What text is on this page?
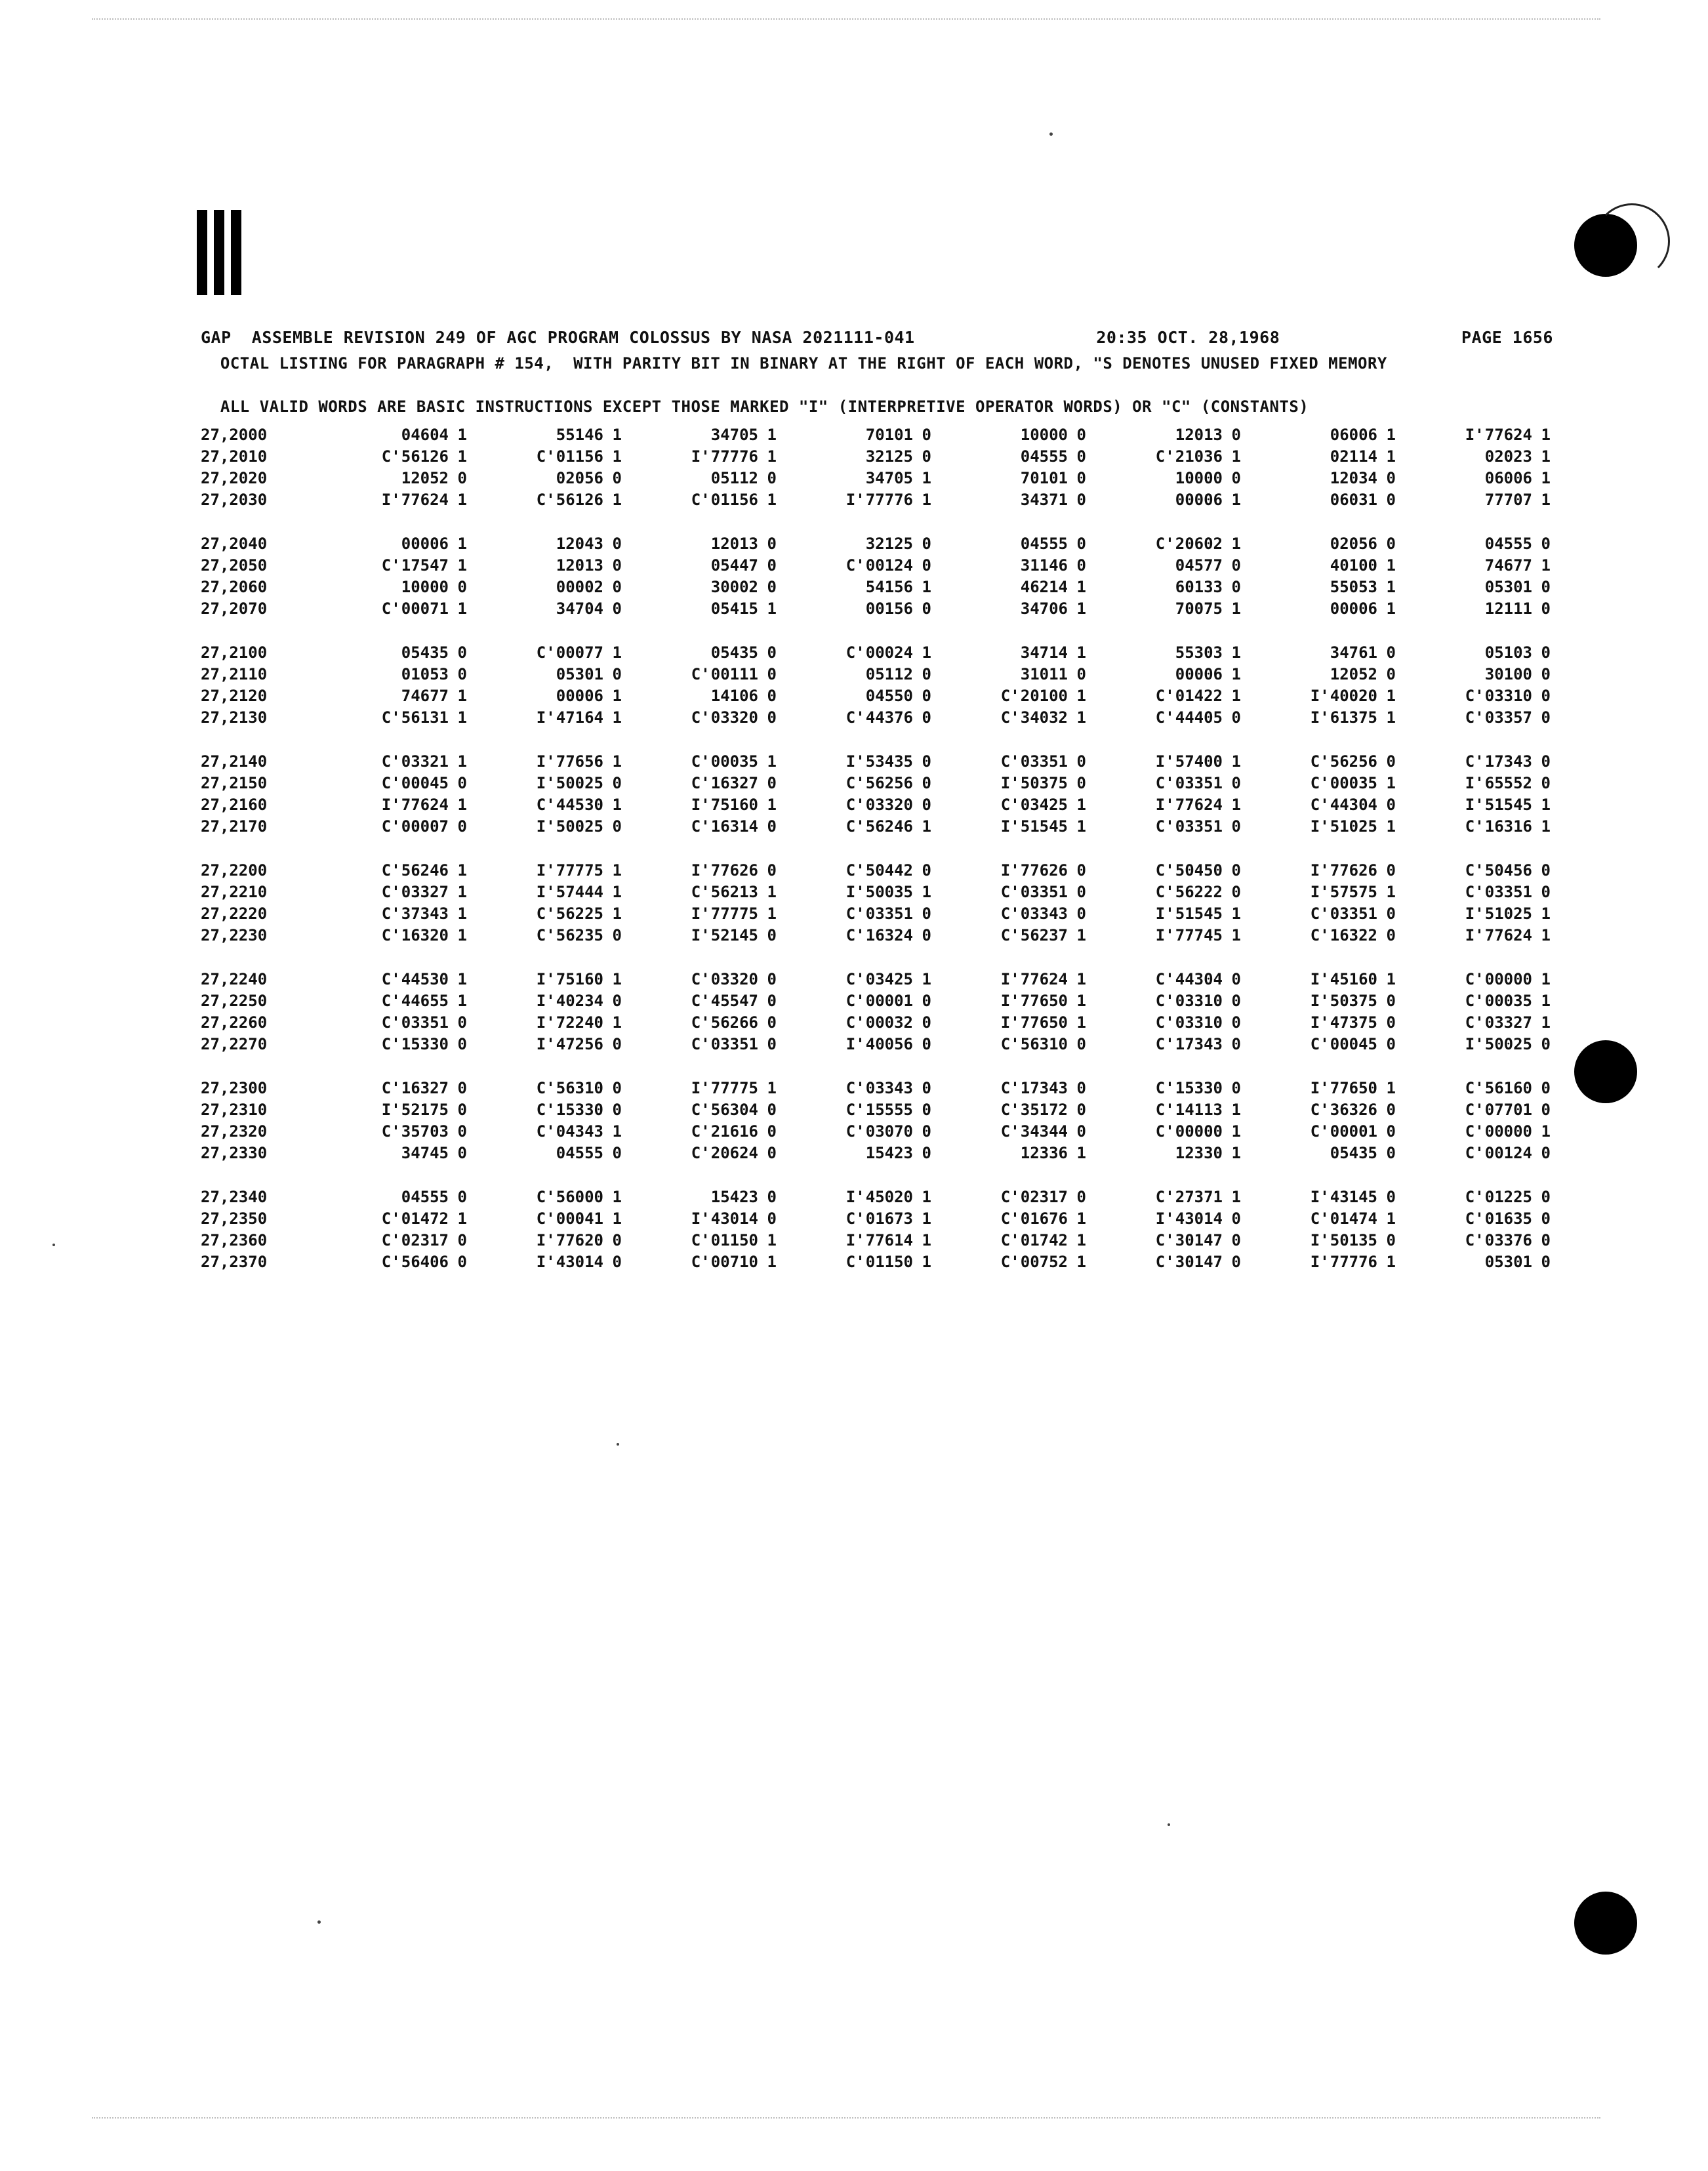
GAP ASSEMBLE REVISION 249 OF AGC PROGRAM COLOSSUS BY NASA 2021111-041	20:35 OCT. 28,1968	PAGE 1656

OCTAL LISTING FOR PARAGRAPH # 154,  WITH PARITY BIT IN BINARY AT THE RIGHT OF EACH WORD, "S DENOTES UNUSED FIXED MEMORY

ALL VALID WORDS ARE BASIC INSTRUCTIONS EXCEPT THOSE MARKED "I" (INTERPRETIVE OPERATOR WORDS) OR "C" (CONSTANTS)

27,2000	04604 1	55146 1	34705 1	70101 0	10000 0	12013 0	06006 1	I'77624 1
27,2010	C'56126 1	C'01156 1	I'77776 1	32125 0	04555 0	C'21036 1	02114 1	02023 1
27,2020	12052 0	02056 0	05112 0	34705 1	70101 0	10000 0	12034 0	06006 1
27,2030	I'77624 1	C'56126 1	C'01156 1	I'77776 1	34371 0	00006 1	06031 0	77707 1
27,2040	00006 1	12043 0	12013 0	32125 0	04555 0	C'20602 1	02056 0	04555 0
27,2050	C'17547 1	12013 0	05447 0	C'00124 0	31146 0	04577 0	40100 1	74677 1
27,2060	10000 0	00002 0	30002 0	54156 1	46214 1	60133 0	55053 1	05301 0
27,2070	C'00071 1	34704 0	05415 1	00156 0	34706 1	70075 1	00006 1	12111 0
27,2100	05435 0	C'00077 1	05435 0	C'00024 1	34714 1	55303 1	34761 0	05103 0
27,2110	01053 0	05301 0	C'00111 0	05112 0	31011 0	00006 1	12052 0	30100 0
27,2120	74677 1	00006 1	14106 0	04550 0	C'20100 1	C'01422 1	I'40020 1	C'03310 0
27,2130	C'56131 1	I'47164 1	C'03320 0	C'44376 0	C'34032 1	C'44405 0	I'61375 1	C'03357 0
27,2140	C'03321 1	I'77656 1	C'00035 1	I'53435 0	C'03351 0	I'57400 1	C'56256 0	C'17343 0
27,2150	C'00045 0	I'50025 0	C'16327 0	C'56256 0	I'50375 0	C'03351 0	C'00035 1	I'65552 0
27,2160	I'77624 1	C'44530 1	I'75160 1	C'03320 0	C'03425 1	I'77624 1	C'44304 0	I'51545 1
27,2170	C'00007 0	I'50025 0	C'16314 0	C'56246 1	I'51545 1	C'03351 0	I'51025 1	C'16316 1
27,2200	C'56246 1	I'77775 1	I'77626 0	C'50442 0	I'77626 0	C'50450 0	I'77626 0	C'50456 0
27,2210	C'03327 1	I'57444 1	C'56213 1	I'50035 1	C'03351 0	C'56222 0	I'57575 1	C'03351 0
27,2220	C'37343 1	C'56225 1	I'77775 1	C'03351 0	C'03343 0	I'51545 1	C'03351 0	I'51025 1
27,2230	C'16320 1	C'56235 0	I'52145 0	C'16324 0	C'56237 1	I'77745 1	C'16322 0	I'77624 1
27,2240	C'44530 1	I'75160 1	C'03320 0	C'03425 1	I'77624 1	C'44304 0	I'45160 1	C'00000 1
27,2250	C'44655 1	I'40234 0	C'45547 0	C'00001 0	I'77650 1	C'03310 0	I'50375 0	C'00035 1
27,2260	C'03351 0	I'72240 1	C'56266 0	C'00032 0	I'77650 1	C'03310 0	I'47375 0	C'03327 1
27,2270	C'15330 0	I'47256 0	C'03351 0	I'40056 0	C'56310 0	C'17343 0	C'00045 0	I'50025 0
27,2300	C'16327 0	C'56310 0	I'77775 1	C'03343 0	C'17343 0	C'15330 0	I'77650 1	C'56160 0
27,2310	I'52175 0	C'15330 0	C'56304 0	C'15555 0	C'35172 0	C'14113 1	C'36326 0	C'07701 0
27,2320	C'35703 0	C'04343 1	C'21616 0	C'03070 0	C'34344 0	C'00000 1	C'00001 0	C'00000 1
27,2330	34745 0	04555 0	C'20624 0	15423 0	12336 1	12330 1	05435 0	C'00124 0
27,2340	04555 0	C'56000 1	15423 0	I'45020 1	C'02317 0	C'27371 1	I'43145 0	C'01225 0
27,2350	C'01472 1	C'00041 1	I'43014 0	C'01673 1	C'01676 1	I'43014 0	C'01474 1	C'01635 0
27,2360	C'02317 0	I'77620 0	C'01150 1	I'77614 1	C'01742 1	C'30147 0	I'50135 0	C'03376 0
27,2370	C'56406 0	I'43014 0	C'00710 1	C'01150 1	C'00752 1	C'30147 0	I'77776 1	05301 0
